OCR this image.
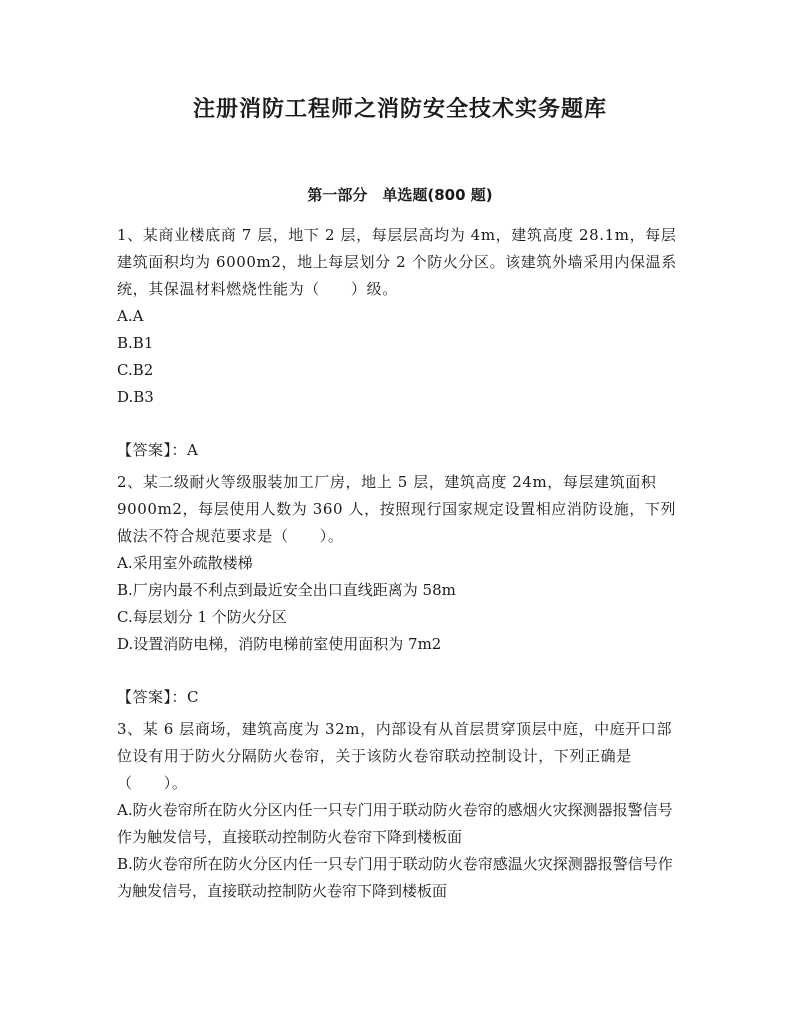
注册消防工程师之消防安全技术实务题库
第一部分　单选题(800 题)

1、某商业楼底商 7 层，地下 2 层，每层层高均为 4m，建筑高度 28.1m，每层建筑面积均为 6000m2，地上每层划分 2 个防火分区。该建筑外墙采用内保温系统，其保温材料燃烧性能为（　　）级。

A.A
B.B1
C.B2
D.B3

【答案】：A

2、某二级耐火等级服装加工厂房，地上 5 层，建筑高度 24m，每层建筑面积 9000m2，每层使用人数为 360 人，按照现行国家规定设置相应消防设施，下列做法不符合规范要求是（　　）。

A.采用室外疏散楼梯
B.厂房内最不利点到最近安全出口直线距离为 58m
C.每层划分 1 个防火分区
D.设置消防电梯，消防电梯前室使用面积为 7m2

【答案】：C

3、某 6 层商场，建筑高度为 32m，内部设有从首层贯穿顶层中庭，中庭开口部位设有用于防火分隔防火卷帘，关于该防火卷帘联动控制设计，下列正确是（　　）。

A.防火卷帘所在防火分区内任一只专门用于联动防火卷帘的感烟火灾探测器报警信号作为触发信号，直接联动控制防火卷帘下降到楼板面
B.防火卷帘所在防火分区内任一只专门用于联动防火卷帘感温火灾探测器报警信号作为触发信号，直接联动控制防火卷帘下降到楼板面
